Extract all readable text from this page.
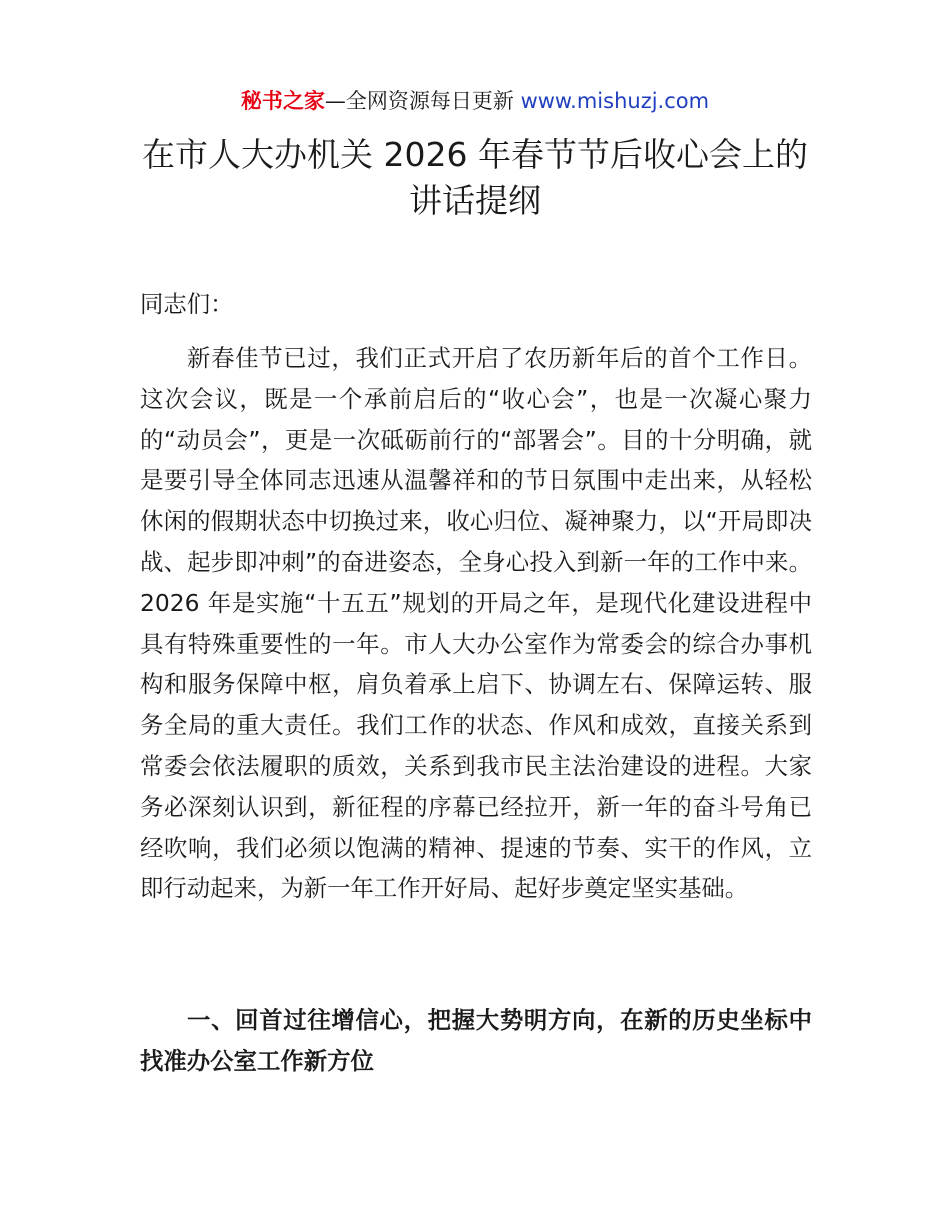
秘书之家—全网资源每日更新 www.mishuzj.com
在市人大办机关 2026 年春节节后收心会上的讲话提纲
同志们：
新春佳节已过，我们正式开启了农历新年后的首个工作日。这次会议，既是一个承前启后的“收心会”，也是一次凝心聚力的“动员会”，更是一次砥砺前行的“部署会”。目的十分明确，就是要引导全体同志迅速从温馨祥和的节日氛围中走出来，从轻松休闲的假期状态中切换过来，收心归位、凝神聚力，以“开局即决战、起步即冲刺”的奋进姿态，全身心投入到新一年的工作中来。2026 年是实施“十五五”规划的开局之年，是现代化建设进程中具有特殊重要性的一年。市人大办公室作为常委会的综合办事机构和服务保障中枢，肩负着承上启下、协调左右、保障运转、服务全局的重大责任。我们工作的状态、作风和成效，直接关系到常委会依法履职的质效，关系到我市民主法治建设的进程。大家务必深刻认识到，新征程的序幕已经拉开，新一年的奋斗号角已经吹响，我们必须以饱满的精神、提速的节奏、实干的作风，立即行动起来，为新一年工作开好局、起好步奠定坚实基础。
一、回首过往增信心，把握大势明方向，在新的历史坐标中找准办公室工作新方位
